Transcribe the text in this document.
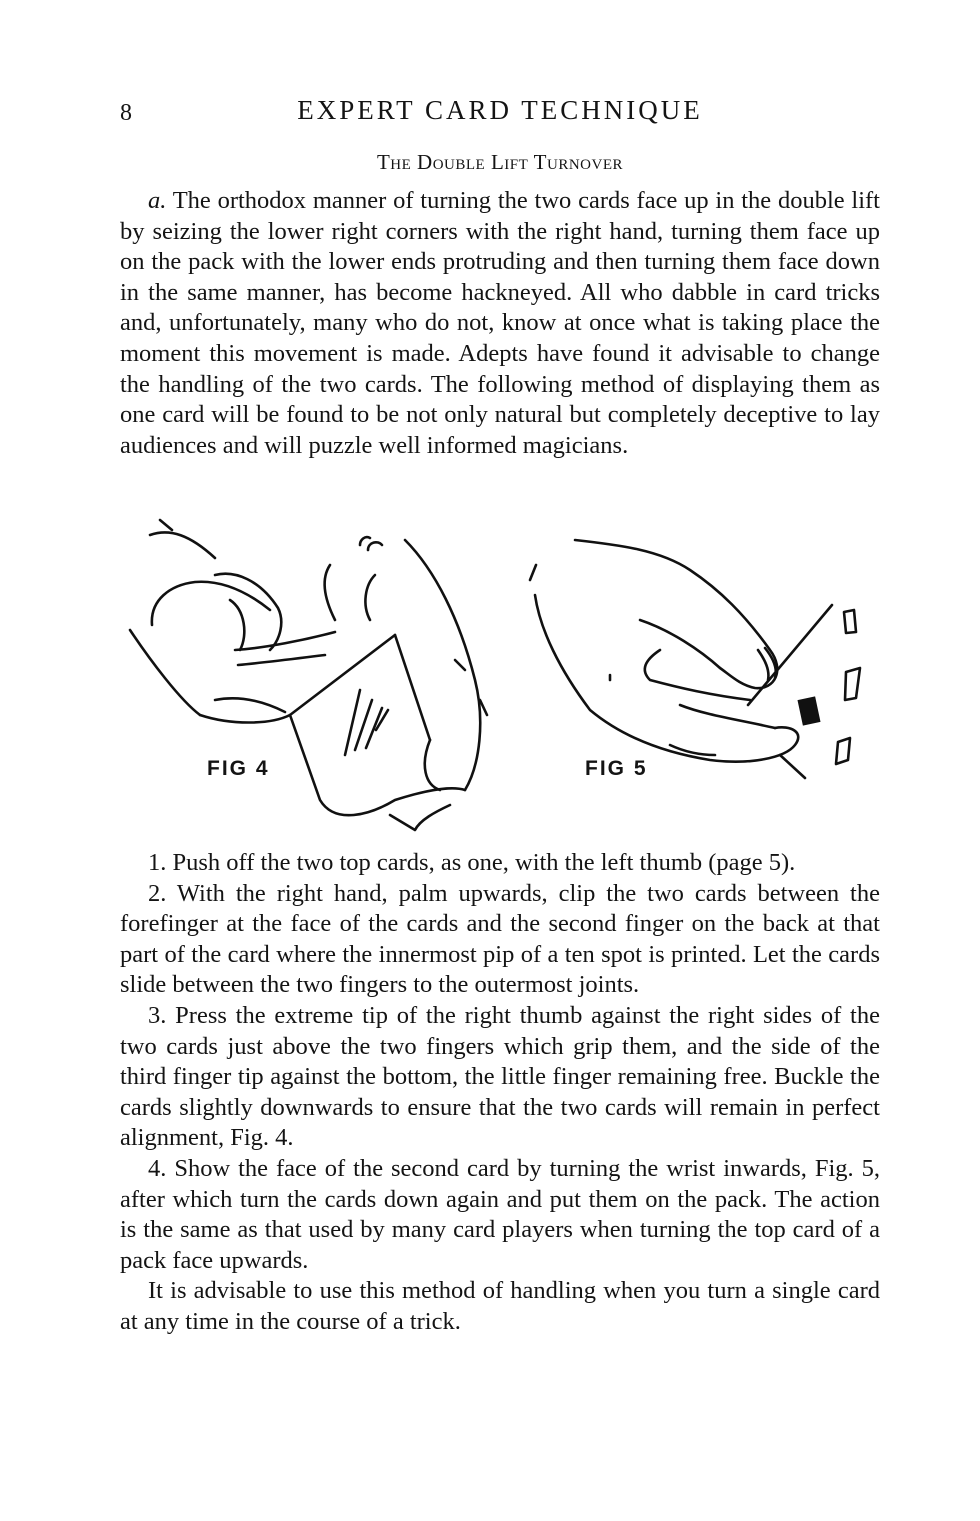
8	EXPERT CARD TECHNIQUE
The Double Lift Turnover

a. The orthodox manner of turning the two cards face up in the double lift by seizing the lower right corners with the right hand, turning them face up on the pack with the lower ends protruding and then turning them face down in the same manner, has become hackneyed. All who dabble in card tricks and, unfortunately, many who do not, know at once what is taking place the moment this movement is made. Adepts have found it advisable to change the handling of the two cards. The following method of displaying them as one card will be found to be not only natural but completely deceptive to lay audiences and will puzzle well informed magicians.

FIG 4	FIG 5

1. Push off the two top cards, as one, with the left thumb (page 5).

2. With the right hand, palm upwards, clip the two cards between the forefinger at the face of the cards and the second finger on the back at that part of the card where the innermost pip of a ten spot is printed. Let the cards slide between the two fingers to the outermost joints.

3. Press the extreme tip of the right thumb against the right sides of the two cards just above the two fingers which grip them, and the side of the third finger tip against the bottom, the little finger remaining free. Buckle the cards slightly downwards to ensure that the two cards will remain in perfect alignment, Fig. 4.

4. Show the face of the second card by turning the wrist inwards, Fig. 5, after which turn the cards down again and put them on the pack. The action is the same as that used by many card players when turning the top card of a pack face upwards.

It is advisable to use this method of handling when you turn a single card at any time in the course of a trick.
